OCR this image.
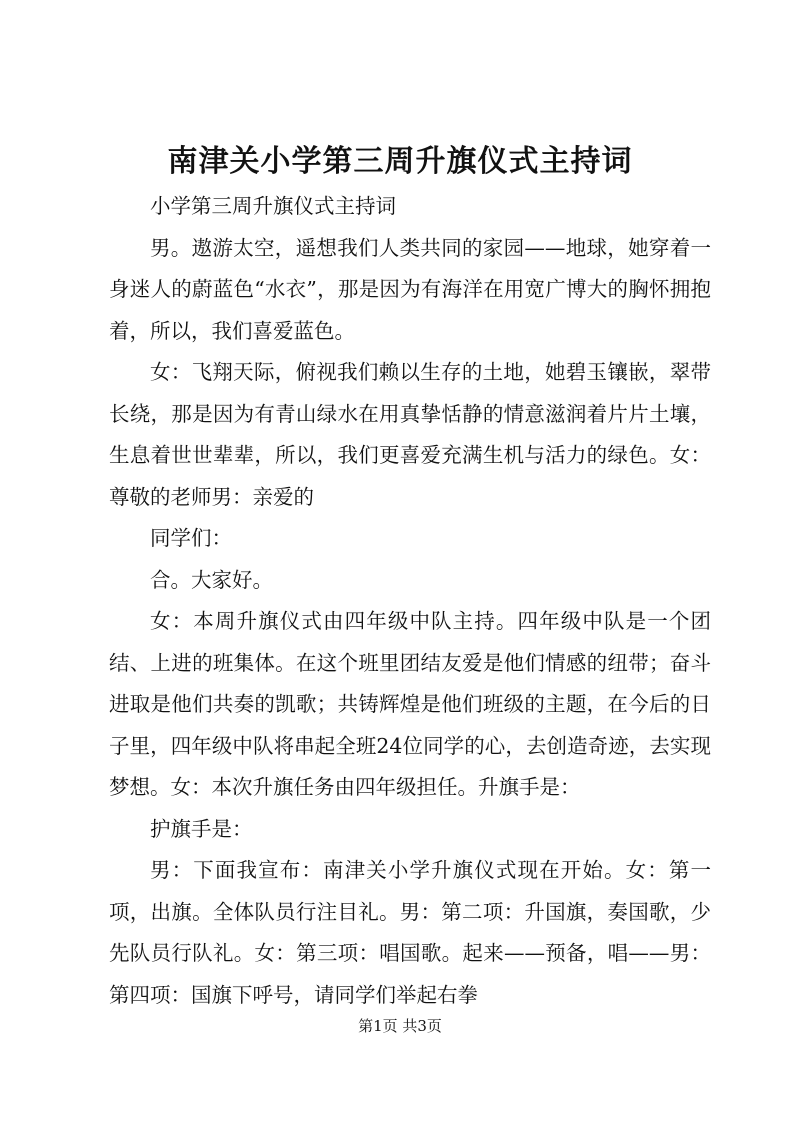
南津关小学第三周升旗仪式主持词

小学第三周升旗仪式主持词

男。遨游太空，遥想我们人类共同的家园——地球，她穿着一身迷人的蔚蓝色“水衣”，那是因为有海洋在用宽广博大的胸怀拥抱着，所以，我们喜爱蓝色。

女：飞翔天际，俯视我们赖以生存的土地，她碧玉镶嵌，翠带长绕，那是因为有青山绿水在用真挚恬静的情意滋润着片片土壤，生息着世世辈辈，所以，我们更喜爱充满生机与活力的绿色。女：尊敬的老师男：亲爱的

同学们：

合。大家好。

女：本周升旗仪式由四年级中队主持。四年级中队是一个团结、上进的班集体。在这个班里团结友爱是他们情感的纽带；奋斗进取是他们共奏的凯歌；共铸辉煌是他们班级的主题，在今后的日子里，四年级中队将串起全班24位同学的心，去创造奇迹，去实现梦想。女：本次升旗任务由四年级担任。升旗手是：

护旗手是：

男：下面我宣布：南津关小学升旗仪式现在开始。女：第一项，出旗。全体队员行注目礼。男：第二项：升国旗，奏国歌，少先队员行队礼。女：第三项：唱国歌。起来——预备，唱——男：第四项：国旗下呼号，请同学们举起右拳

第1页 共3页
